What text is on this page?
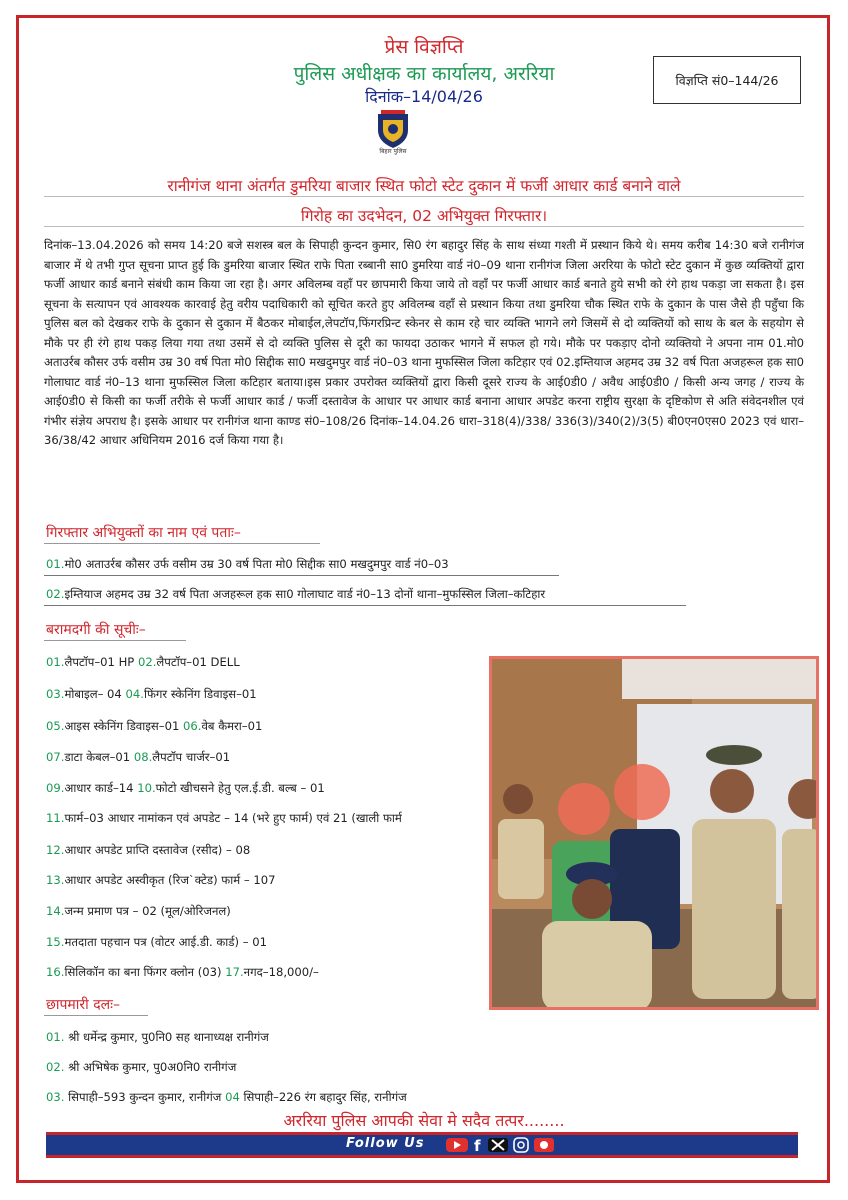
प्रेस विज्ञप्ति
पुलिस अधीक्षक का कार्यालय, अररिया
दिनांक–14/04/26
विज्ञप्ति सं0–144/26
बिहार पुलिस
रानीगंज थाना अंतर्गत डुमरिया बाजार स्थित फोटो स्टेट दुकान में फर्जी आधार कार्ड बनाने वाले
गिरोह का उदभेदन, 02 अभियुक्त गिरफ्तार।

दिनांक–13.04.2026 को समय 14:20 बजे सशस्त्र बल के सिपाही कुन्दन कुमार, सि0 रंग बहादुर सिंह के साथ संध्या गश्ती में प्रस्थान किये थे। समय करीब 14:30 बजे रानीगंज बाजार में थे तभी गुप्त सूचना प्राप्त हुई कि डुमरिया बाजार स्थित राफे पिता रब्बानी सा0 डुमरिया वार्ड नं0–09 थाना रानीगंज जिला अररिया के फोटो स्टेट दुकान में कुछ व्यक्तियों द्वारा फर्जी आधार कार्ड बनाने संबंधी काम किया जा रहा है। अगर अविलम्ब वहाँ पर छापमारी किया जाये तो वहाँ पर फर्जी आधार कार्ड बनाते हुये सभी को रंगे हाथ पकड़ा जा सकता है। इस सूचना के सत्यापन एवं आवश्यक कारवाई हेतु वरीय पदाधिकारी को सूचित करते हुए अविलम्ब वहाँ से प्रस्थान किया तथा डुमरिया चौक स्थित राफे के दुकान के पास जैसे ही पहुँचा कि पुलिस बल को देखकर राफे के दुकान से दुकान में बैठकर मोबाईल,लेपटॉप,फिंगरप्रिन्ट स्केनर से काम रहे चार व्यक्ति भागने लगे जिसमें से दो व्यक्तियों को साथ के बल के सहयोग से मौके पर ही रंगे हाथ पकड़ लिया गया तथा उसमें से दो व्यक्ति पुलिस से दूरी का फायदा उठाकर भागने में सफल हो गये। मौके पर पकड़ाए दोनो व्यक्तियो ने अपना नाम 01.मो0 अताउर्रब कौसर उर्फ वसीम उम्र 30 वर्ष पिता मो0 सिद्दीक सा0 मखदुमपुर वार्ड नं0–03 थाना मुफस्सिल जिला कटिहार एवं 02.इम्तियाज अहमद उम्र 32 वर्ष पिता अजहरूल हक सा0 गोलाघाट वार्ड नं0–13 थाना मुफस्सिल जिला कटिहार बताया।इस प्रकार उपरोक्त व्यक्तियों द्वारा किसी दूसरे राज्य के आई0डी0 / अवैध आई0डी0 / किसी अन्य जगह / राज्य के आई0डी0 से किसी का फर्जी तरीके से फर्जी आधार कार्ड / फर्जी दस्तावेज के आधार पर आधार कार्ड बनाना आधार अपडेट करना राष्ट्रीय सुरक्षा के दृष्टिकोण से अति संवेदनशील एवं गंभीर संज्ञेय अपराध है। इसके आधार पर रानीगंज थाना काण्ड सं0–108/26 दिनांक–14.04.26 धारा–318(4)/338/ 336(3)/340(2)/3(5) बी0एन0एस0 2023 एवं धारा–36/38/42 आधार अधिनियम 2016 दर्ज किया गया है।

गिरफ्तार अभियुक्तों का नाम एवं पताः–
01.मो0 अताउर्रब कौसर उर्फ वसीम उम्र 30 वर्ष पिता मो0 सिद्दीक सा0 मखदुमपुर वार्ड नं0–03
02.इम्तियाज अहमद उम्र 32 वर्ष पिता अजहरूल हक सा0 गोलाघाट वार्ड नं0–13 दोनों थाना–मुफस्सिल जिला–कटिहार
बरामदगी की सूचीः–
01.लैपटॉप–01 HP 02.लैपटॉप–01 DELL
03.मोबाइल– 04 04.फिंगर स्केनिंग डिवाइस–01
05.आइस स्केनिंग डिवाइस–01 06.वेब कैमरा–01
07.डाटा केबल–01 08.लैपटॉप चार्जर–01
09.आधार कार्ड–14 10.फोटो खीचसने हेतु एल.ई.डी. बल्ब – 01
11.फार्म–03 आधार नामांकन एवं अपडेट – 14 (भरे हुए फार्म) एवं 21 (खाली फार्म
12.आधार अपडेट प्राप्ति दस्तावेज (रसीद) – 08
13.आधार अपडेट अस्वीकृत (रिज`क्टेड) फार्म – 107
14.जन्म प्रमाण पत्र – 02 (मूल/ओरिजनल)
15.मतदाता पहचान पत्र (वोटर आई.डी. कार्ड) – 01
16.सिलिकॉन का बना फिंगर क्लोन (03) 17.नगद–18,000/–
छापमारी दलः–
01. श्री धर्मेन्द्र कुमार, पु0नि0 सह थानाध्यक्ष रानीगंज
02. श्री अभिषेक कुमार, पु0अ0नि0 रानीगंज
03. सिपाही–593 कुन्दन कुमार, रानीगंज 04 सिपाही–226 रंग बहादुर सिंह, रानीगंज
अररिया पुलिस आपकी सेवा मे सदैव तत्पर........
Follow Us	f
